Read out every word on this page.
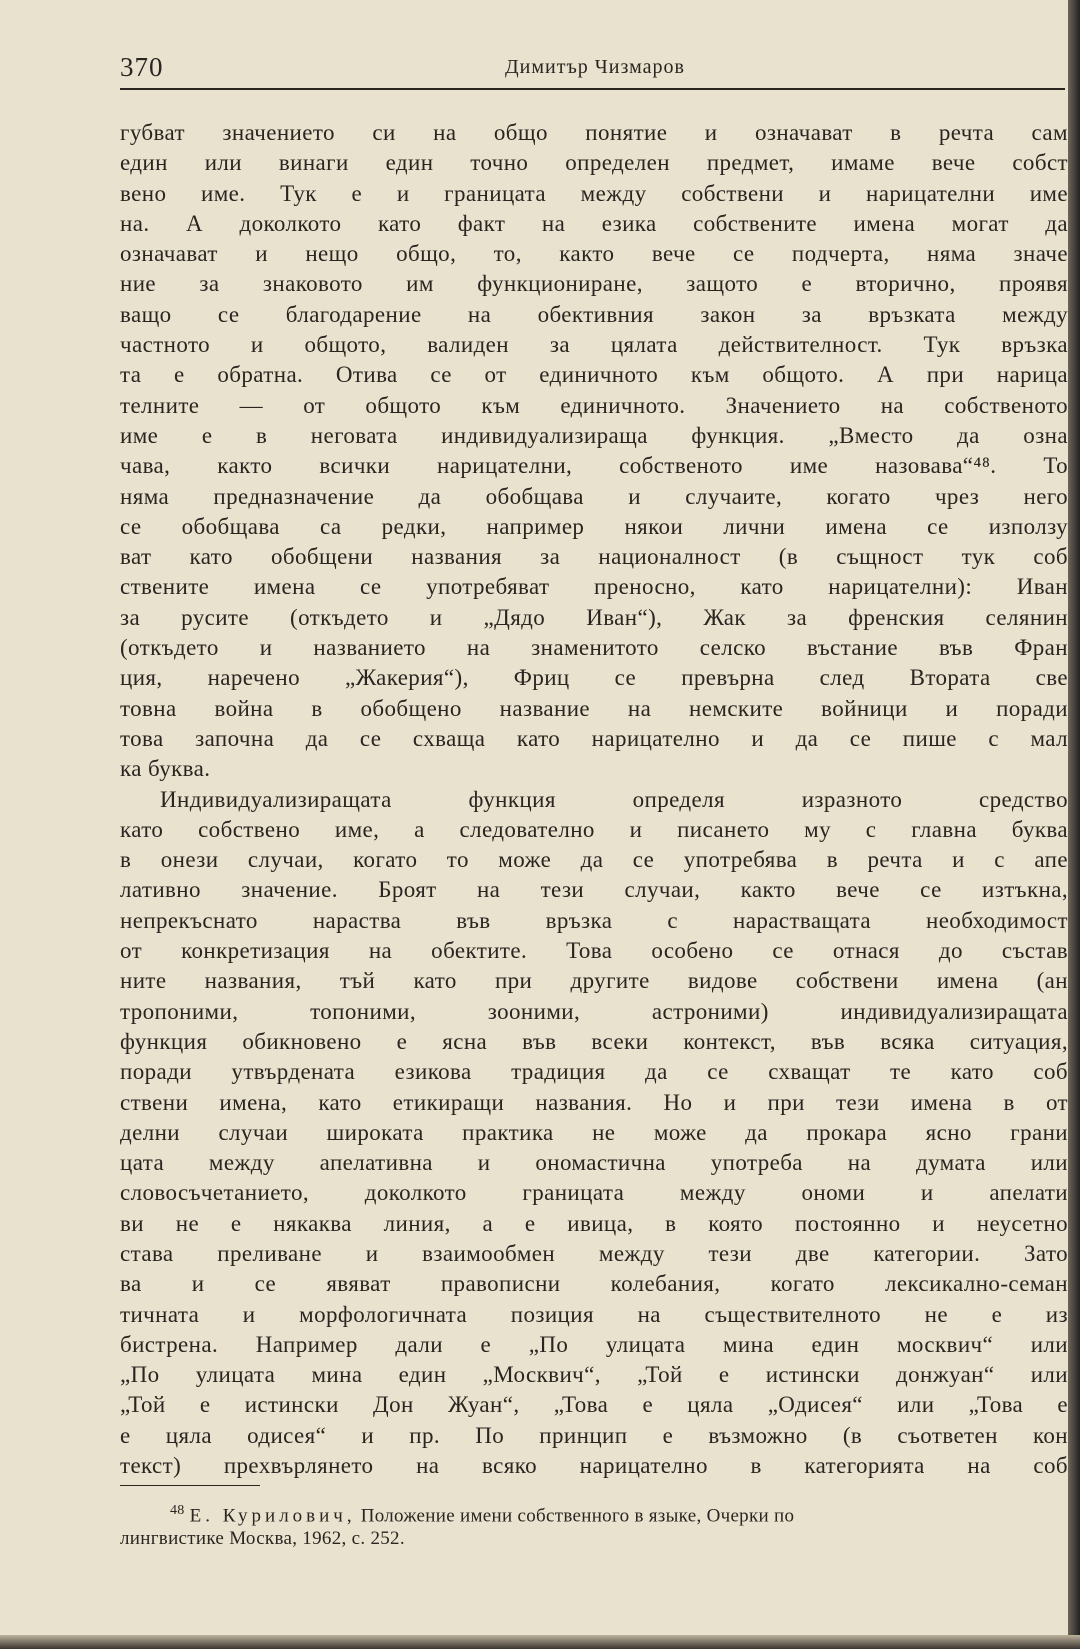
370	Димитър Чизмаров
губват значението си на общо понятие и означават в речта сам
един или винаги един точно определен предмет, имаме вече собст
вено име. Тук е и границата между собствени и нарицателни име
на. А доколкото като факт на езика собствените имена могат да
означават и нещо общо, то, както вече се подчерта, няма значе
ние за знаковото им функциониране, защото е вторично, проявя
ващо се благодарение на обективния закон за връзката между
частното и общото, валиден за цялата действителност. Тук връзка
та е обратна. Отива се от единичното към общото. А при нарица
телните — от общото към единичното. Значението на собственото
име е в неговата индивидуализираща функция. „Вместо да озна
чава, както всички нарицателни, собственото име назовава“⁴⁸. То
няма предназначение да обобщава и случаите, когато чрез него
се обобщава са редки, например някои лични имена се използу
ват като обобщени названия за националност (в същност тук соб
ствените имена се употребяват преносно, като нарицателни): Иван
за русите (откъдето и „Дядо Иван“), Жак за френския селянин
(откъдето и названието на знаменитото селско въстание във Фран
ция, наречено „Жакерия“), Фриц се превърна след Втората све
товна война в обобщено название на немските войници и поради
това започна да се схваща като нарицателно и да се пише с мал
ка буква.
Индивидуализиращата функция определя изразното средство
като собствено име, а следователно и писането му с главна буква
в онези случаи, когато то може да се употребява в речта и с апе
лативно значение. Броят на тези случаи, както вече се изтъкна,
непрекъснато нараства във връзка с нарастващата необходимост
от конкретизация на обектите. Това особено се отнася до състав
ните названия, тъй като при другите видове собствени имена (ан
тропоними, топоними, зооними, астроними) индивидуализиращата
функция обикновено е ясна във всеки контекст, във всяка ситуация,
поради утвърдената езикова традиция да се схващат те като соб
ствени имена, като етикиращи названия. Но и при тези имена в от
делни случаи широката практика не може да прокара ясно грани
цата между апелативна и ономастична употреба на думата или
словосъчетанието, доколкото границата между ономи и апелати
ви не е някаква линия, а е ивица, в която постоянно и неусетно
става преливане и взаимообмен между тези две категории. Зато
ва и се явяват правописни колебания, когато лексикално-семан
тичната и морфологичната позиция на съществителното не е из
бистрена. Например дали е „По улицата мина един москвич“ или
„По улицата мина един „Москвич“, „Той е истински донжуан“ или
„Той е истински Дон Жуан“, „Това е цяла „Одисея“ или „Това е
е цяла одисея“ и пр. По принцип е възможно (в съответен кон
текст) прехвърлянето на всяко нарицателно в категорията на соб
$^{48}$ Е. Курилович, Положение имени собственного в языке, Очерки по
лингвистике Москва, 1962, с. 252.
